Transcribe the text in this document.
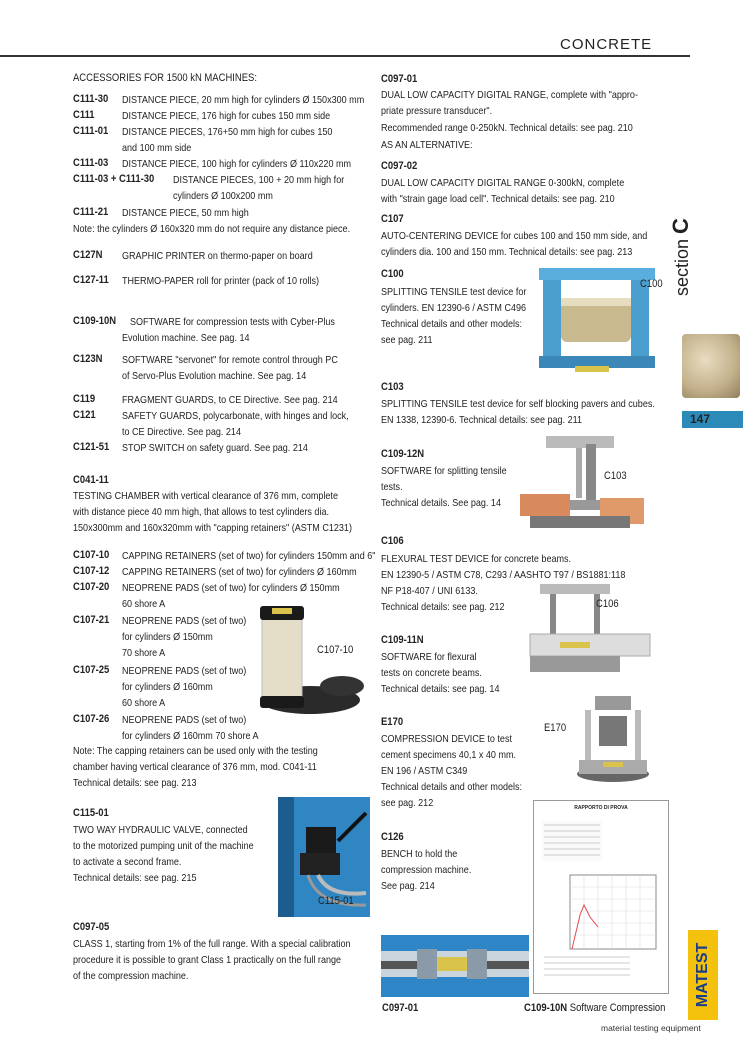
CONCRETE
section C
147
ACCESSORIES FOR 1500 kN MACHINES:
C111-30 DISTANCE PIECE, 20 mm high for cylinders Ø 150x300 mm
C111	DISTANCE PIECE, 176 high for cubes 150 mm side
C111-01 DISTANCE PIECES, 176+50 mm high for cubes 150
and 100 mm side
C111-03 DISTANCE PIECE, 100 high for cylinders Ø 110x220 mm
C111-03 + C111-30 DISTANCE PIECES, 100 + 20 mm high for
cylinders Ø 100x200 mm
C111-21 DISTANCE PIECE, 50 mm high
Note: the cylinders Ø 160x320 mm do not require any distance piece.
C127N GRAPHIC PRINTER on thermo-paper on board
C127-11 THERMO-PAPER roll for printer (pack of 10 rolls)
C109-10N SOFTWARE for compression tests with Cyber-Plus
Evolution machine. See pag. 14
C123N SOFTWARE "servonet" for remote control through PC
of Servo-Plus Evolution machine. See pag. 14
C119	FRAGMENT GUARDS, to CE Directive. See pag. 214
C121	SAFETY GUARDS, polycarbonate, with hinges and lock,
to CE Directive. See pag. 214
C121-51 STOP SWITCH on safety guard. See pag. 214
C041-11
TESTING CHAMBER with vertical clearance of 376 mm, complete
with distance piece 40 mm high, that allows to test cylinders dia.
150x300mm and 160x320mm with "capping retainers" (ASTM C1231)
C107-10 CAPPING RETAINERS (set of two) for cylinders 150mm and 6"
C107-12 CAPPING RETAINERS (set of two) for cylinders Ø 160mm
C107-20 NEOPRENE PADS (set of two) for cylinders Ø 150mm
60 shore A
C107-21 NEOPRENE PADS (set of two)
for cylinders Ø 150mm
70 shore A
C107-25 NEOPRENE PADS (set of two)
for cylinders Ø 160mm
60 shore A
C107-26 NEOPRENE PADS (set of two)
for cylinders Ø 160mm 70 shore A
C107-10
Note: The capping retainers can be used only with the testing
chamber having vertical clearance of 376 mm, mod. C041-11
Technical details: see pag. 213
C115-01
TWO WAY HYDRAULIC VALVE, connected
to the motorized pumping unit of the machine
to activate a second frame.
Technical details: see pag. 215
C115-01
C097-05
CLASS 1, starting from 1% of the full range. With a special calibration
procedure it is possible to grant Class 1 practically on the full range
of the compression machine.
C097-01
DUAL LOW CAPACITY DIGITAL RANGE, complete with "appro-
priate pressure transducer".
Recommended range 0-250kN. Technical details: see pag. 210
AS AN ALTERNATIVE:
C097-02
DUAL LOW CAPACITY DIGITAL RANGE 0-300kN, complete
with "strain gage load cell". Technical details: see pag. 210
C107
AUTO-CENTERING DEVICE for cubes 100 and 150 mm side, and
cylinders dia. 100 and 150 mm. Technical details: see pag. 213
C100
SPLITTING TENSILE test device for
cylinders. EN 12390-6 / ASTM C496
Technical details and other models:
see pag. 211
C100
C103
SPLITTING TENSILE test device for self blocking pavers and cubes.
EN 1338, 12390-6. Technical details: see pag. 211
C103
C109-12N
SOFTWARE for splitting tensile
tests.
Technical details. See pag. 14
C106
FLEXURAL TEST DEVICE for concrete beams.
EN 12390-5 / ASTM C78, C293 / AASHTO T97 / BS1881:118
NF P18-407 / UNI 6133.
Technical details: see pag. 212	C106
C109-11N
SOFTWARE for flexural
tests on concrete beams.
Technical details: see pag. 14
E170
COMPRESSION DEVICE to test
cement specimens 40,1 x 40 mm.
EN 196 / ASTM C349
Technical details and other models:
see pag. 212
E170
C126
BENCH to hold the
compression machine.
See pag. 214
RAPPORTO DI PROVA
C097-01	C109-10N Software Compression
MATEST
material testing equipment
